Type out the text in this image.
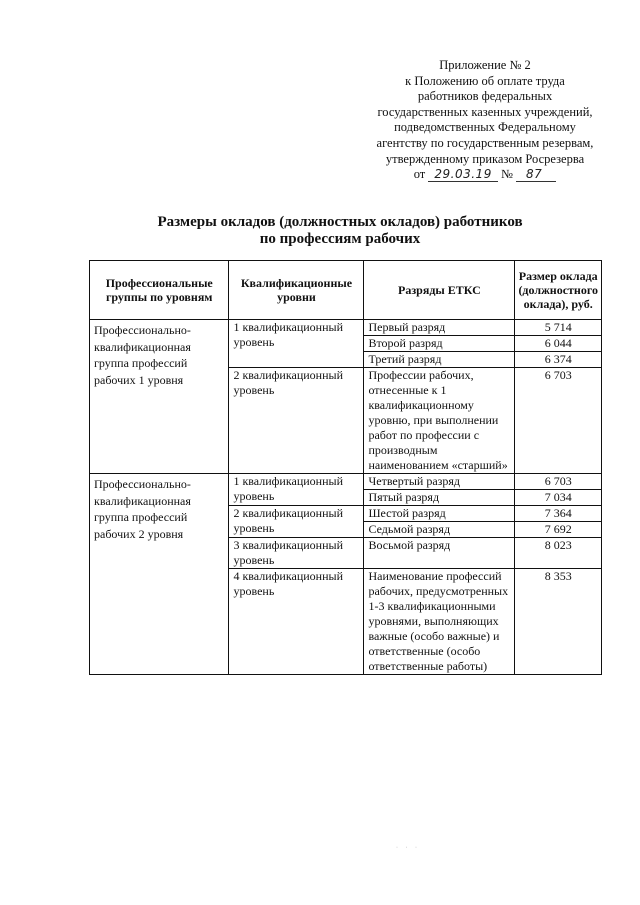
Приложение № 2
к Положению об оплате труда
работников федеральных
государственных казенных учреждений,
подведомственных Федеральному
агентству по государственным резервам,
утвержденному приказом Росрезерва
от 29.03.19 № 87
Размеры окладов (должностных окладов) работников
по профессиям рабочих
Профессиональные группы по уровням	Квалификационные уровни	Разряды ЕТКС	Размер оклада (должностного оклада), руб.
Профессионально-квалификационная группа профессий рабочих 1 уровня	1 квалификационный уровень	Первый разряд	5 714
		Второй разряд	6 044
		Третий разряд	6 374
	2 квалификационный уровень	Профессии рабочих, отнесенные к 1 квалификационному уровню, при выполнении работ по профессии с производным наименованием «старший»	6 703
Профессионально-квалификационная группа профессий рабочих 2 уровня	1 квалификационный уровень	Четвертый разряд	6 703
		Пятый разряд	7 034
	2 квалификационный уровень	Шестой разряд	7 364
		Седьмой разряд	7 692
	3 квалификационный уровень	Восьмой разряд	8 023
	4 квалификационный уровень	Наименование профессий рабочих, предусмотренных 1-3 квалификационными уровнями, выполняющих важные (особо важные) и ответственные (особо ответственные работы)	8 353
· · ·
